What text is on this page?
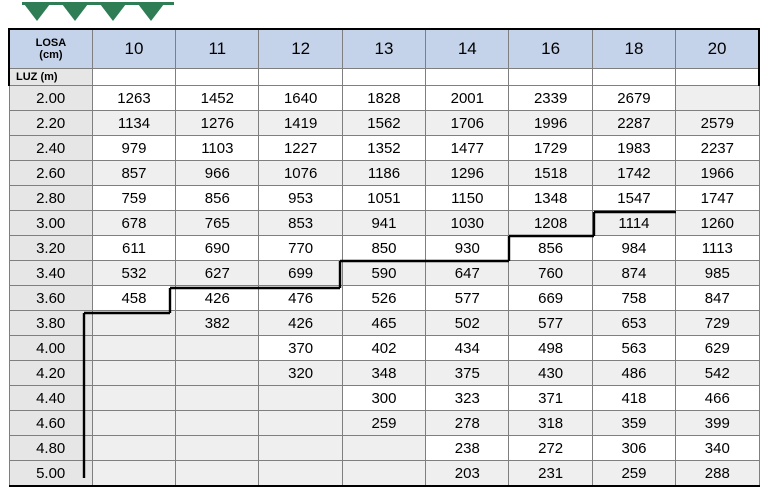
LOSA
(cm)	10	11	12	13	14	16	18	20
LUZ (m)								
2.00	1263	1452	1640	1828	2001	2339	2679	
2.20	1134	1276	1419	1562	1706	1996	2287	2579
2.40	979	1103	1227	1352	1477	1729	1983	2237
2.60	857	966	1076	1186	1296	1518	1742	1966
2.80	759	856	953	1051	1150	1348	1547	1747
3.00	678	765	853	941	1030	1208	1114	1260
3.20	611	690	770	850	930	856	984	1113
3.40	532	627	699	590	647	760	874	985
3.60	458	426	476	526	577	669	758	847
3.80		382	426	465	502	577	653	729
4.00			370	402	434	498	563	629
4.20			320	348	375	430	486	542
4.40				300	323	371	418	466
4.60				259	278	318	359	399
4.80					238	272	306	340
5.00					203	231	259	288
